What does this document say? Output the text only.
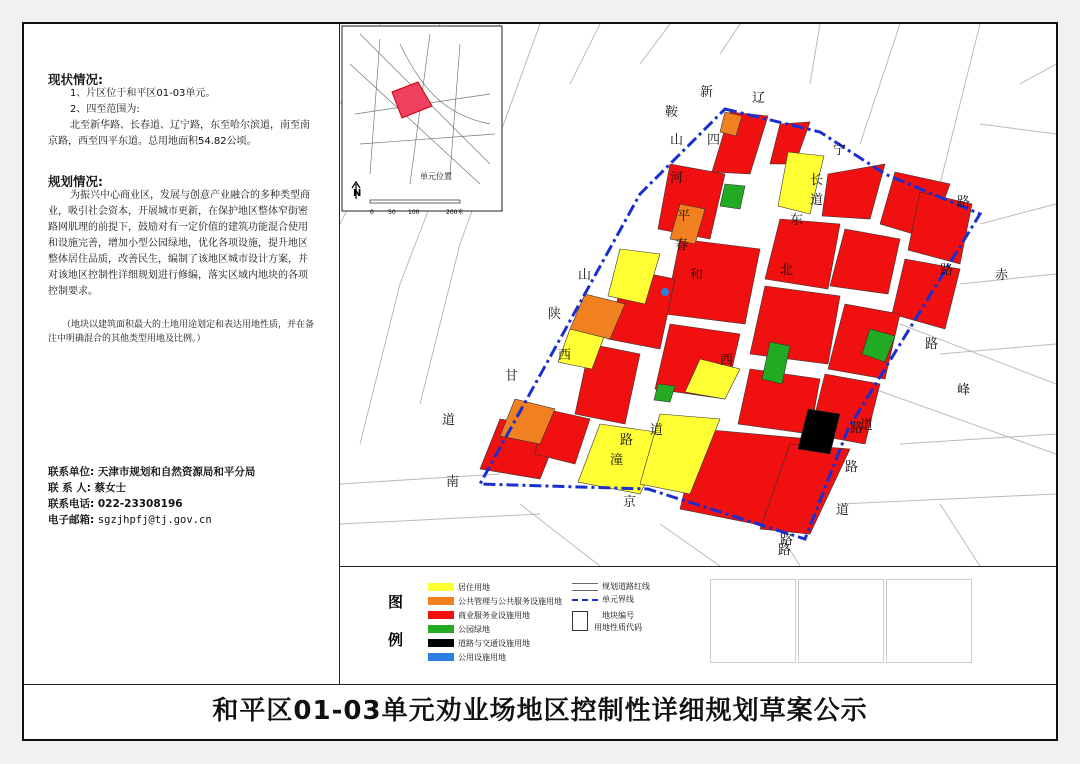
现状情况:
1、片区位于和平区01-03单元。
2、四至范围为:
北至新华路、长春道、辽宁路，东至哈尔滨道，南至南
京路，西至四平东道。总用地面积54.82公顷。
规划情况:
为振兴中心商业区，发展与创意产业融合的多种类型商
业，吸引社会资本，开展城市更新，在保护地区整体窄街密
路网肌理的前提下，鼓励对有一定价值的建筑功能混合使用
和设施完善，增加小型公园绿地，优化各项设施，提升地区
整体居住品质，改善民生，编制了该地区城市设计方案，并
对该地区控制性详细规划进行修编，落实区域内地块的各项
控制要求。
（地块以建筑面积最大的土地用途划定和表达用地性质，并在备
注中明确混合的其他类型用地及比例。）
联系单位: 天津市规划和自然资源局和平分局
联 系 人: 蔡女士
联系电话: 022-23308196
电子邮箱: sgzjhpfj@tj.gov.cn
新	辽
鞍
山
河
宁
路
赤
峰
路
路
路
道
路
道
路
陕
西
甘
南
京
道
山
四
平	东
道
长
春
北
西
潼
道
和
路
路
单元位置
N
0 50 100	200米
图
例
居住用地
公共管理与公共服务设施用地
商业服务业设施用地
公园绿地
道路与交通设施用地
公用设施用地
规划道路红线
单元界线
地块编号
用地性质代码
和平区01-03单元劝业场地区控制性详细规划草案公示
